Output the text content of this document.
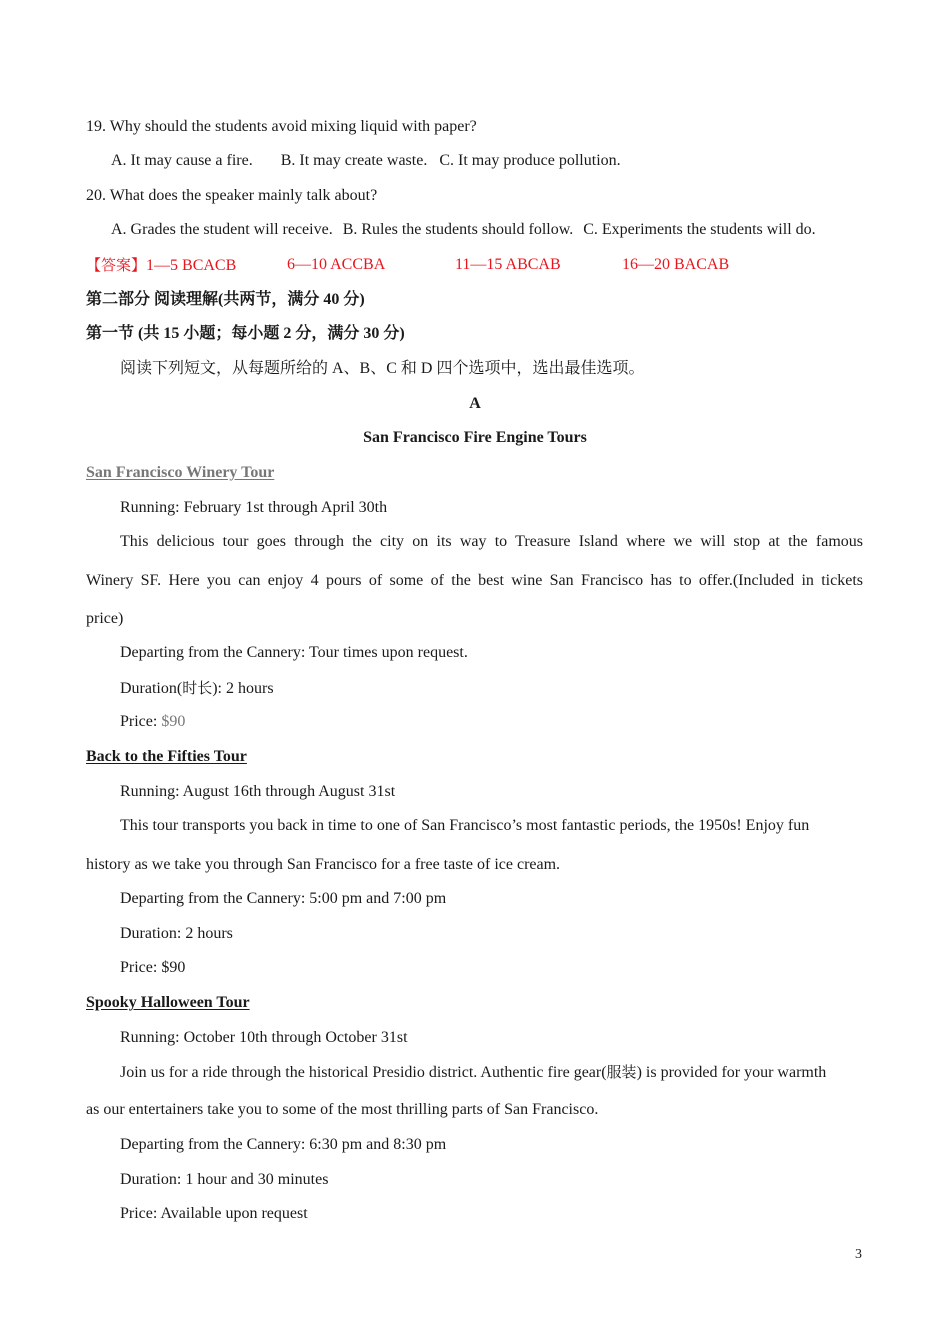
19. Why should the students avoid mixing liquid with paper?
A. It may cause a fire. B. It may create waste. C. It may produce pollution.
20. What does the speaker mainly talk about?
A. Grades the student will receive. B. Rules the students should follow. C. Experiments the students will do.
【答案】1—5 BCACB	6—10 ACCBA	11—15 ABCAB	16—20 BACAB
第二部分 阅读理解(共两节，满分 40 分)
第一节 (共 15 小题；每小题 2 分，满分 30 分)
阅读下列短文，从每题所给的 A、B、C 和 D 四个选项中，选出最佳选项。
A
San Francisco Fire Engine Tours
San Francisco Winery Tour
Running: February 1st through April 30th
This delicious tour goes through the city on its way to Treasure Island where we will stop at the famous
Winery SF. Here you can enjoy 4 pours of some of the best wine San Francisco has to offer.(Included in tickets
price)
Departing from the Cannery: Tour times upon request.
Duration(时长): 2 hours
Price: $90
Back to the Fifties Tour
Running: August 16th through August 31st
This tour transports you back in time to one of San Francisco’s most fantastic periods, the 1950s! Enjoy fun
history as we take you through San Francisco for a free taste of ice cream.
Departing from the Cannery: 5:00 pm and 7:00 pm
Duration: 2 hours
Price: $90
Spooky Halloween Tour
Running: October 10th through October 31st
Join us for a ride through the historical Presidio district. Authentic fire gear(服装) is provided for your warmth
as our entertainers take you to some of the most thrilling parts of San Francisco.
Departing from the Cannery: 6:30 pm and 8:30 pm
Duration: 1 hour and 30 minutes
Price: Available upon request
3
